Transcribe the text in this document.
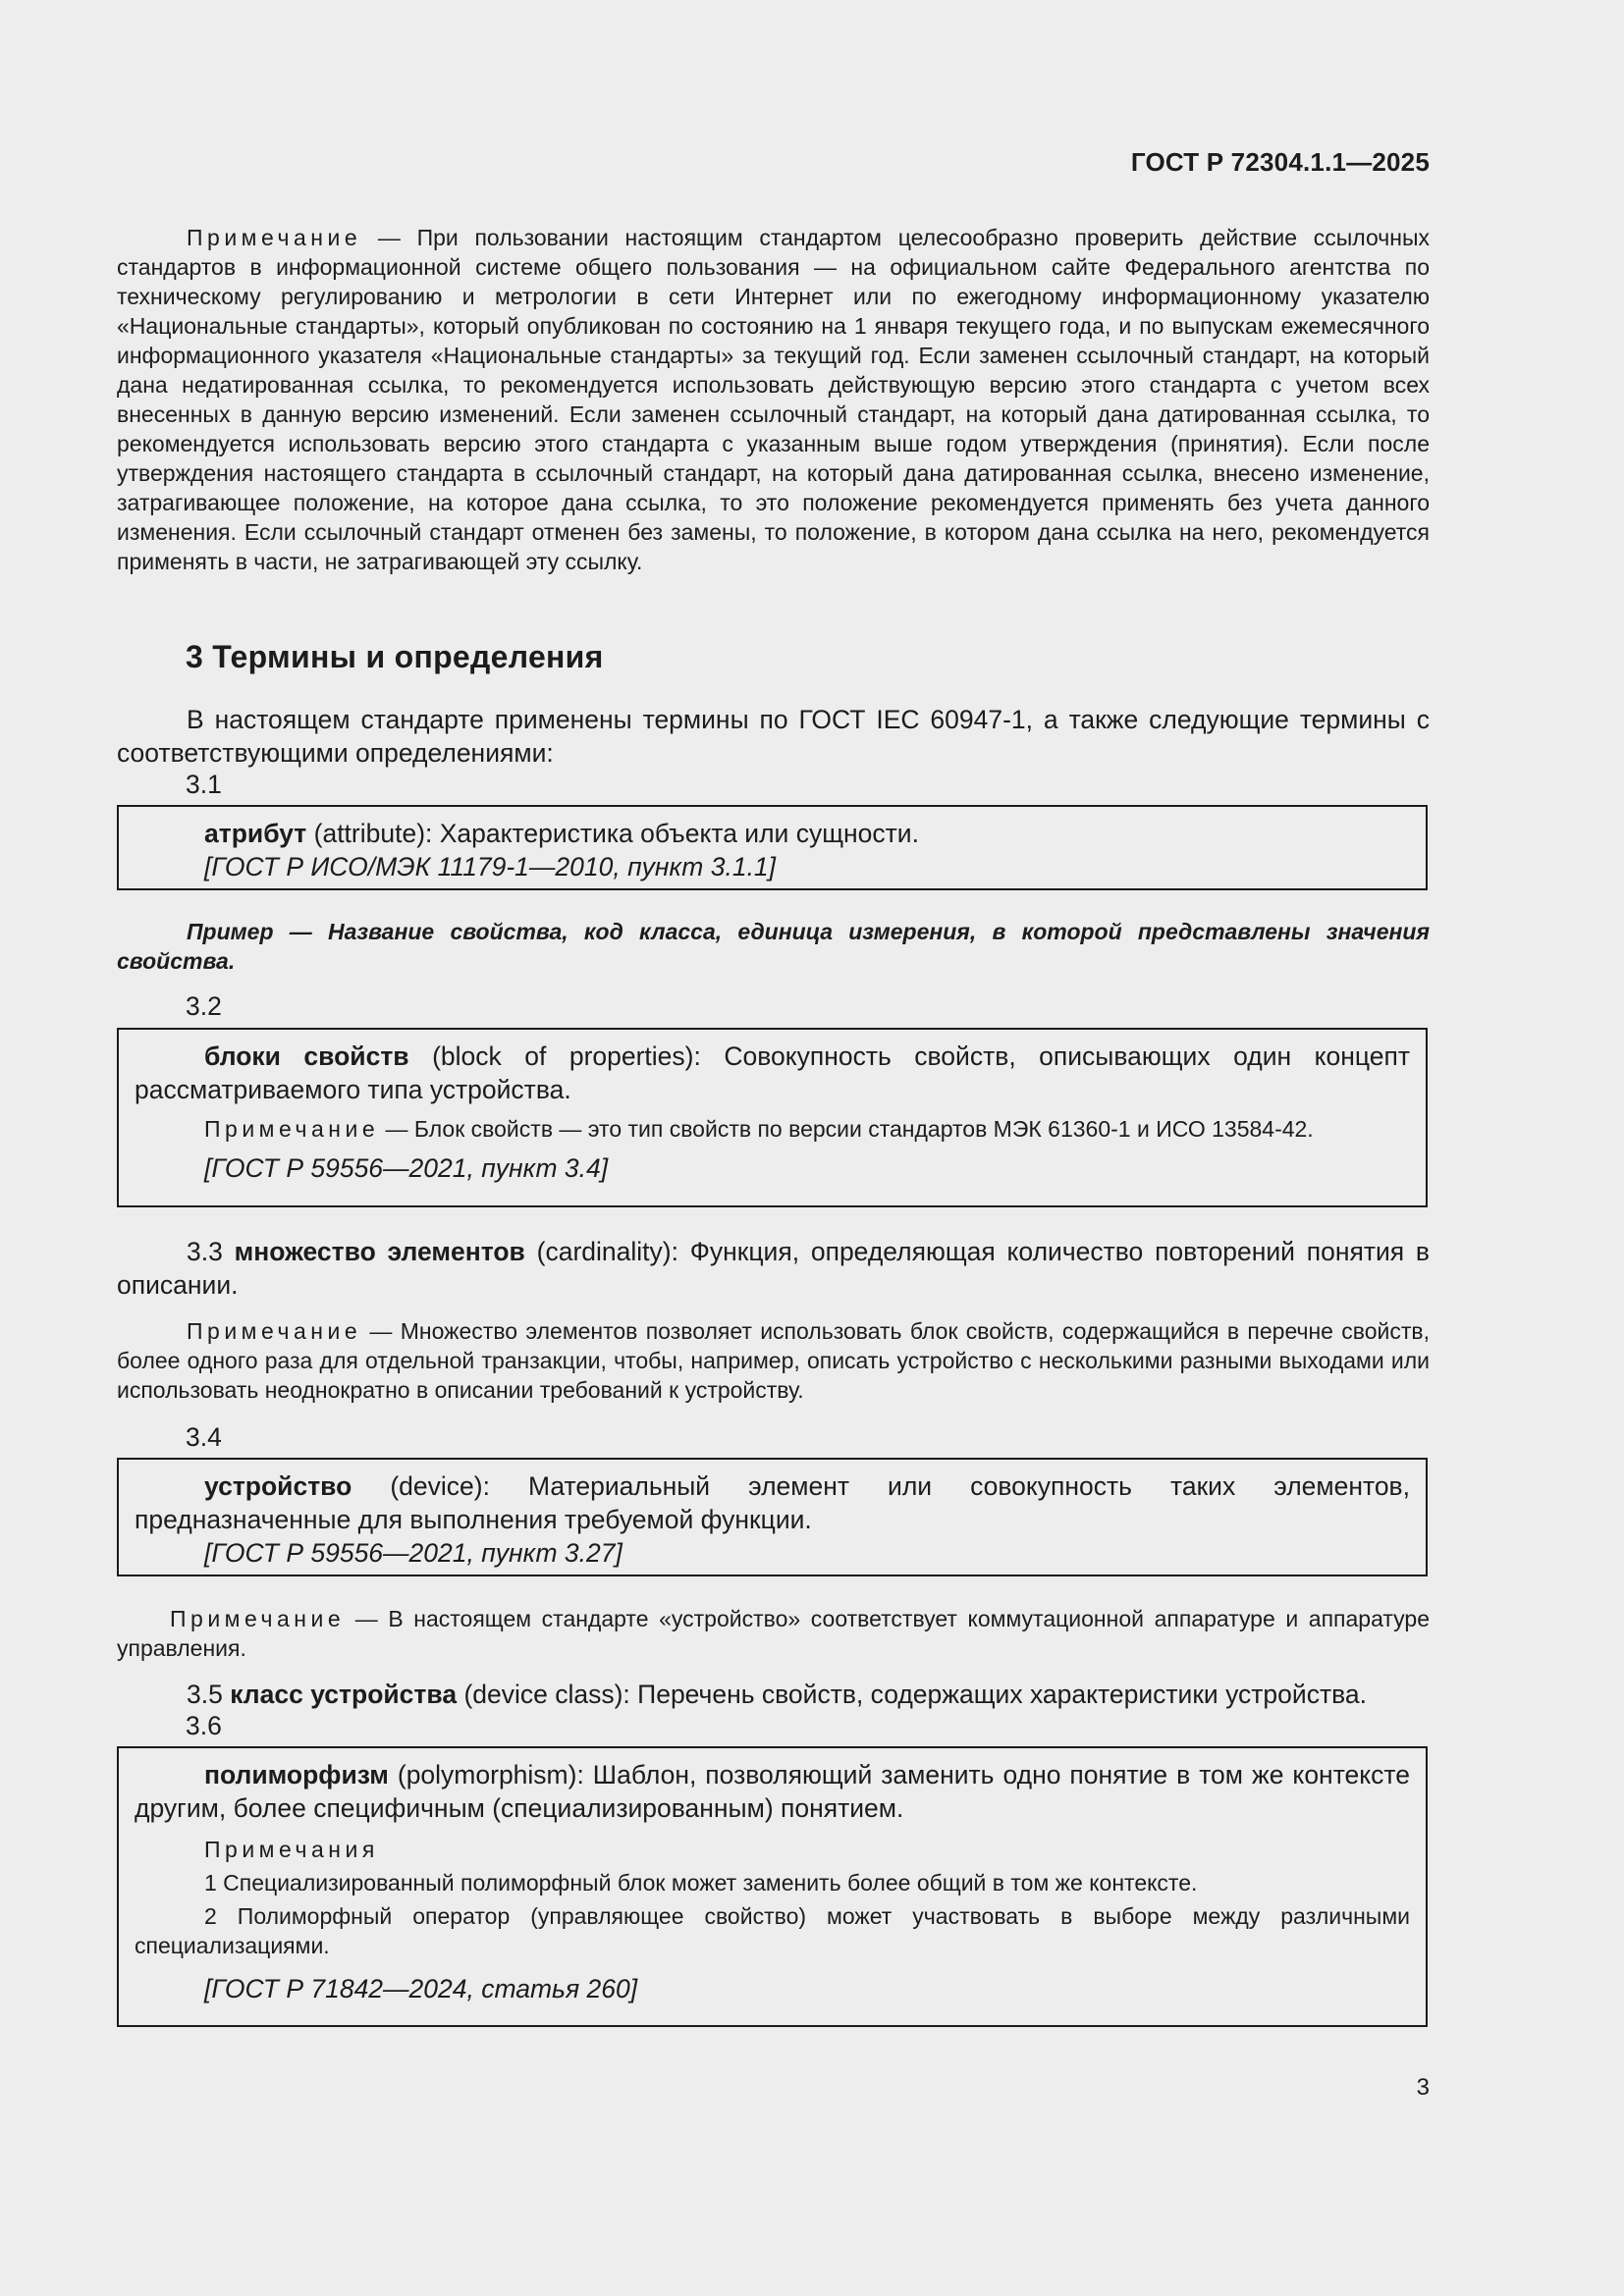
ГОСТ Р 72304.1.1—2025
Примечание — При пользовании настоящим стандартом целесообразно проверить действие ссылочных стандартов в информационной системе общего пользования — на официальном сайте Федерального агентства по техническому регулированию и метрологии в сети Интернет или по ежегодному информационному указателю «Национальные стандарты», который опубликован по состоянию на 1 января текущего года, и по выпускам ежемесячного информационного указателя «Национальные стандарты» за текущий год. Если заменен ссылочный стандарт, на который дана недатированная ссылка, то рекомендуется использовать действующую версию этого стандарта с учетом всех внесенных в данную версию изменений. Если заменен ссылочный стандарт, на который дана датированная ссылка, то рекомендуется использовать версию этого стандарта с указанным выше годом утверждения (принятия). Если после утверждения настоящего стандарта в ссылочный стандарт, на который дана датированная ссылка, внесено изменение, затрагивающее положение, на которое дана ссылка, то это положение рекомендуется применять без учета данного изменения. Если ссылочный стандарт отменен без замены, то положение, в котором дана ссылка на него, рекомендуется применять в части, не затрагивающей эту ссылку.
3 Термины и определения
В настоящем стандарте применены термины по ГОСТ IEC 60947-1, а также следующие термины с соответствующими определениями:
3.1

атрибут (attribute): Характеристика объекта или сущности.

[ГОСТ Р ИСО/МЭК 11179-1—2010, пункт 3.1.1]

Пример — Название свойства, код класса, единица измерения, в которой представлены значения свойства.
3.2

блоки свойств (block of properties): Совокупность свойств, описывающих один концепт рассматриваемого типа устройства.

Примечание — Блок свойств — это тип свойств по версии стандартов МЭК 61360-1 и ИСО 13584-42.

[ГОСТ Р 59556—2021, пункт 3.4]

3.3 множество элементов (cardinality): Функция, определяющая количество повторений понятия в описании.
Примечание — Множество элементов позволяет использовать блок свойств, содержащийся в перечне свойств, более одного раза для отдельной транзакции, чтобы, например, описать устройство с несколькими разными выходами или использовать неоднократно в описании требований к устройству.
3.4

устройство (device): Материальный элемент или совокупность таких элементов, предназначенные для выполнения требуемой функции.

[ГОСТ Р 59556—2021, пункт 3.27]

Примечание — В настоящем стандарте «устройство» соответствует коммутационной аппаратуре и аппаратуре управления.
3.5 класс устройства (device class): Перечень свойств, содержащих характеристики устройства.
3.6

полиморфизм (polymorphism): Шаблон, позволяющий заменить одно понятие в том же контексте другим, более специфичным (специализированным) понятием.

Примечания

1 Специализированный полиморфный блок может заменить более общий в том же контексте.

2 Полиморфный оператор (управляющее свойство) может участвовать в выборе между различными специализациями.

[ГОСТ Р 71842—2024, статья 260]

3
